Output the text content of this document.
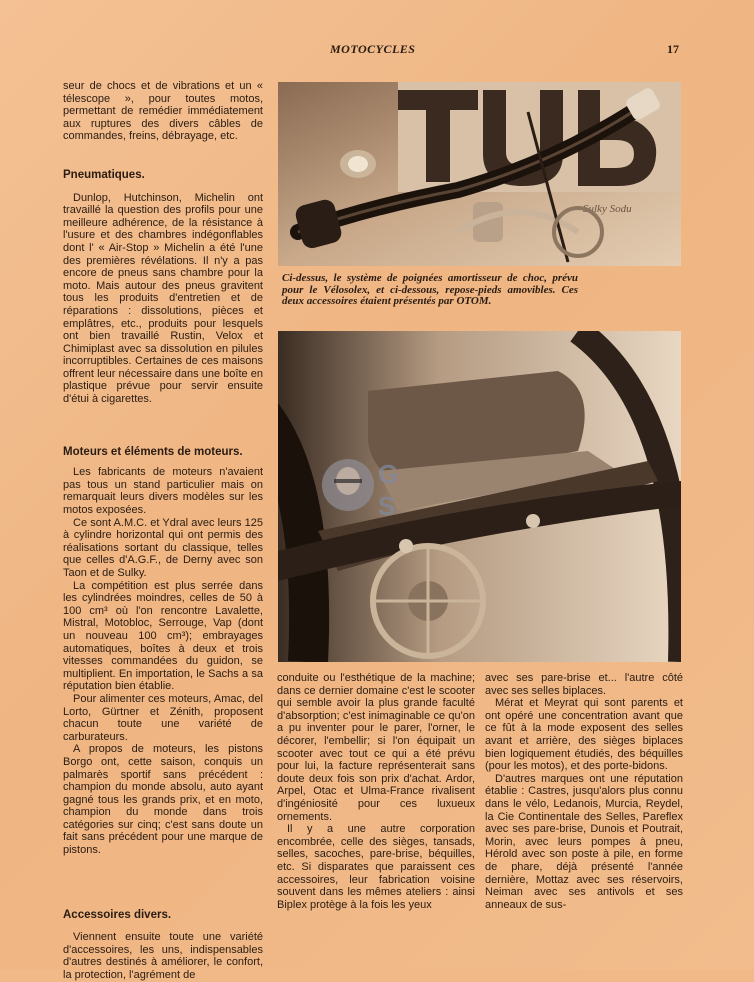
MOTOCYCLES	17

seur de chocs et de vibrations et un « télescope », pour toutes motos, permettant de remédier immédiatement aux ruptures des divers câbles de commandes, freins, débrayage, etc.

Pneumatiques.

Dunlop, Hutchinson, Michelin ont travaillé la question des profils pour une meilleure adhérence, de la résistance à l'usure et des chambres indégonflables dont l' « Air-Stop » Michelin a été l'une des premières révélations. Il n'y a pas encore de pneus sans chambre pour la moto. Mais autour des pneus gravitent tous les produits d'entretien et de réparations : dissolutions, pièces et emplâtres, etc., produits pour lesquels ont bien travaillé Rustin, Velox et Chimiplast avec sa dissolution en pilules incorruptibles. Certaines de ces maisons offrent leur nécessaire dans une boîte en plastique prévue pour servir ensuite d'étui à cigarettes.

Moteurs et éléments de moteurs.

Les fabricants de moteurs n'avaient pas tous un stand particulier mais on remarquait leurs divers modèles sur les motos exposées.

Ce sont A.M.C. et Ydral avec leurs 125 à cylindre horizontal qui ont permis des réalisations sortant du classique, telles que celles d'A.G.F., de Derny avec son Taon et de Sulky.

La compétition est plus serrée dans les cylindrées moindres, celles de 50 à 100 cm³ où l'on rencontre Lavalette, Mistral, Motobloc, Serrouge, Vap (dont un nouveau 100 cm³); embrayages automatiques, boîtes à deux et trois vitesses commandées du guidon, se multiplient. En importation, le Sachs a sa réputation bien établie.

Pour alimenter ces moteurs, Amac, del Lorto, Gürtner et Zénith, proposent chacun toute une variété de carburateurs.

A propos de moteurs, les pistons Borgo ont, cette saison, conquis un palmarès sportif sans précédent : champion du monde absolu, auto ayant gagné tous les grands prix, et en moto, champion du monde dans trois catégories sur cinq; c'est sans doute un fait sans précédent pour une marque de pistons.

Accessoires divers.

Viennent ensuite toute une variété d'accessoires, les uns, indispensables d'autres destinés à améliorer, le confort, la protection, l'agrément de

Sulky Sodu
Ci-dessus, le système de poignées amortisseur de choc, prévu pour le Vélosolex, et ci-dessous, repose-pieds amovibles. Ces deux accessoires étaient présentés par OTOM.
G
S

conduite ou l'esthétique de la machine; dans ce dernier domaine c'est le scooter qui semble avoir la plus grande faculté d'absorption; c'est inimaginable ce qu'on a pu inventer pour le parer, l'orner, le décorer, l'embellir; si l'on équipait un scooter avec tout ce qui a été prévu pour lui, la facture représenterait sans doute deux fois son prix d'achat. Ardor, Arpel, Otac et Ulma-France rivalisent d'ingéniosité pour ces luxueux ornements.

Il y a une autre corporation encombrée, celle des sièges, tansads, selles, sacoches, pare-brise, béquilles, etc. Si disparates que paraissent ces accessoires, leur fabrication voisine souvent dans les mêmes ateliers : ainsi Biplex protège à la fois les yeux

avec ses pare-brise et... l'autre côté avec ses selles biplaces.

Mérat et Meyrat qui sont parents et ont opéré une concentration avant que ce fût à la mode exposent des selles avant et arrière, des sièges biplaces bien logiquement étudiés, des béquilles (pour les motos), et des porte-bidons.

D'autres marques ont une réputation établie : Castres, jusqu'alors plus connu dans le vélo, Ledanois, Murcia, Reydel, la Cie Continentale des Selles, Pareflex avec ses pare-brise, Dunois et Poutrait, Morin, avec leurs pompes à pneu, Hérold avec son poste à pile, en forme de phare, déjà présenté l'année dernière, Mottaz avec ses réservoirs, Neiman avec ses antivols et ses anneaux de sus-
